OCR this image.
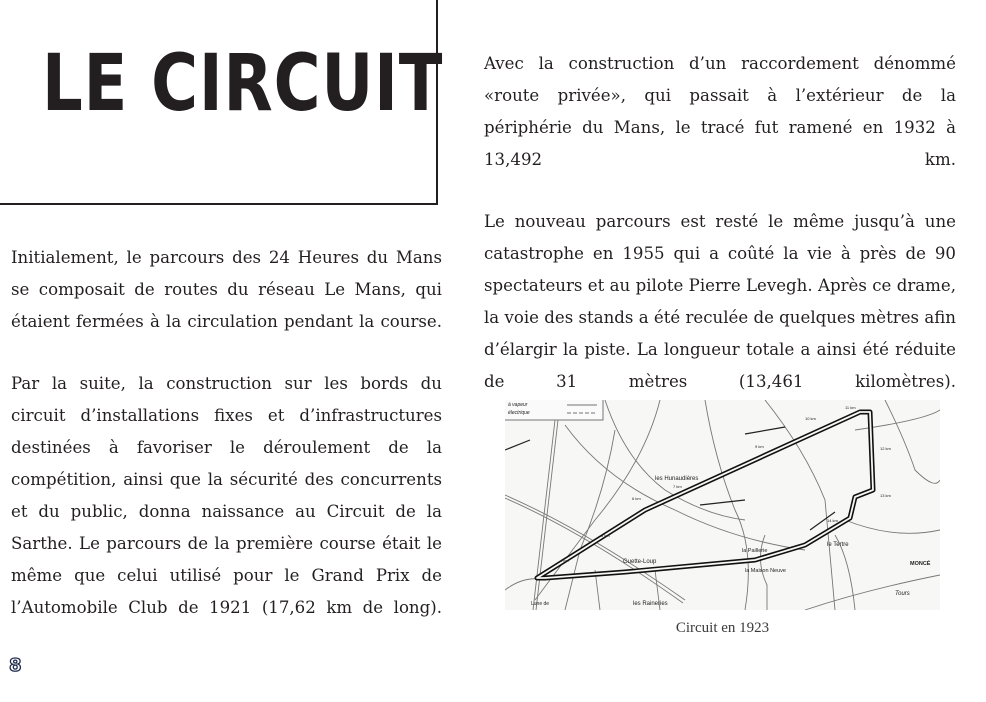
LE CIRCUIT

Initialement, le parcours des 24 Heures du Mans se composait de routes du réseau Le Mans, qui étaient fermées à la circulation pendant la course.

Par la suite, la construction sur les bords du circuit d’installations fixes et d’infrastructures destinées à favoriser le déroulement de la compétition, ainsi que la sécurité des concurrents et du public, donna naissance au Circuit de la Sarthe. Le parcours de la première course était le même que celui utilisé pour le Grand Prix de l’Automobile Club de 1921 (17,62 km de long).

Avec la construction d’un raccordement dénommé «route privée», qui passait à l’extérieur de la périphérie du Mans, le tracé fut ramené en 1932 à 13,492 km.

Le nouveau parcours est resté le même jusqu’à une catastrophe en 1955 qui a coûté la vie à près de 90 spectateurs et au pilote Pierre Levegh. Après ce drame, la voie des stands a été reculée de quelques mètres afin d’élargir la piste. La longueur totale a ainsi été réduite de 31 mètres (13,461 kilomètres).

à vapeur
électrique
les Hunaudières
Guette-Loup
la Paillerie
la Maison Neuve
le Tertre
MONCÉ
les Raineries
Lune de
Tours
7 km
9 km
10 km
11 km
12 km
13 km
14 km
6 km
5 km
4 km
Circuit en 1923
8
